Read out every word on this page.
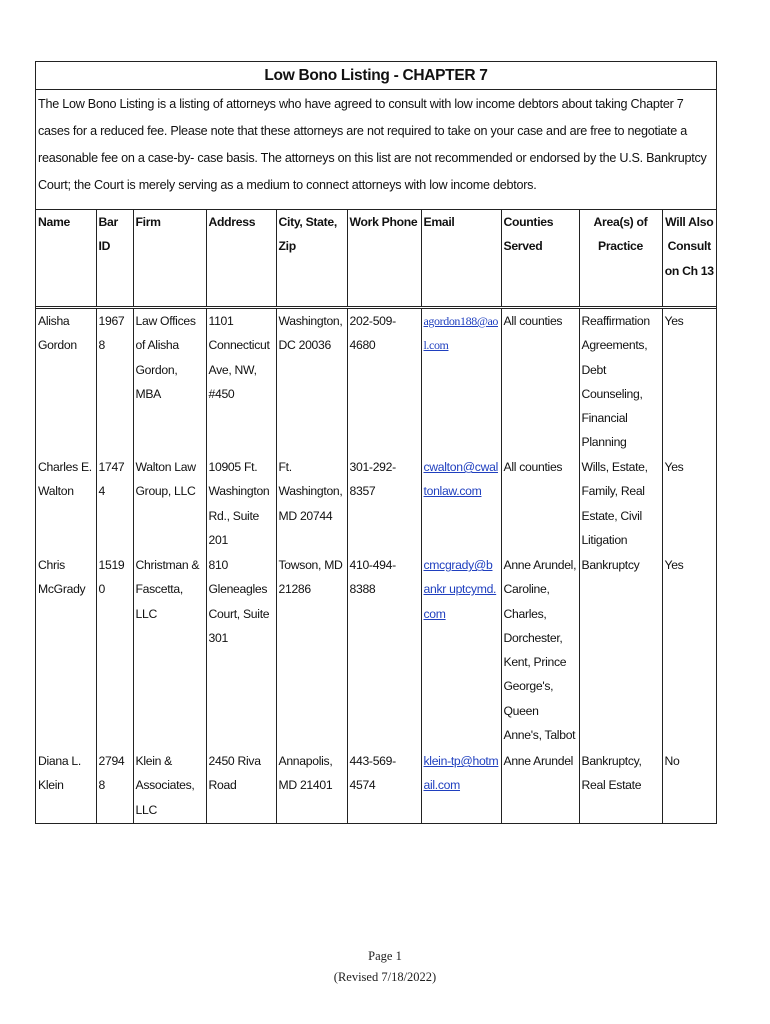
Low Bono Listing - CHAPTER 7
The Low Bono Listing is a listing of attorneys who have agreed to consult with low income debtors about taking Chapter 7 cases for a reduced fee. Please note that these attorneys are not required to take on your case and are free to negotiate a reasonable fee on a case-by- case basis. The attorneys on this list are not recommended or endorsed by the U.S. Bankruptcy Court; the Court is merely serving as a medium to connect attorneys with low income debtors.
Name	Bar ID	Firm	Address	City, State, Zip	Work Phone	Email	Counties Served	Area(s) of Practice	Will Also Consult on Ch 13
Alisha Gordon	19678	Law Offices of Alisha Gordon, MBA	1101 Connecticut Ave, NW, #450	Washington, DC 20036	202-509-4680	agordon188@aol.com	All counties	Reaffirmation Agreements, Debt Counseling, Financial Planning	Yes
Charles E. Walton	17474	Walton Law Group, LLC	10905 Ft. Washington Rd., Suite 201	Ft. Washington, MD 20744	301-292-8357	cwalton@cwaltonlaw.com	All counties	Wills, Estate, Family, Real Estate, Civil Litigation	Yes
Chris McGrady	15190	Christman & Fascetta, LLC	810 Gleneagles Court, Suite 301	Towson, MD 21286	410-494-8388	cmcgrady@bankr uptcymd.com	Anne Arundel, Caroline, Charles, Dorchester, Kent, Prince George's, Queen Anne's, Talbot	Bankruptcy	Yes
Diana L. Klein	27948	Klein & Associates, LLC	2450 Riva Road	Annapolis, MD 21401	443-569-4574	klein-tp@hotmail.com	Anne Arundel	Bankruptcy, Real Estate	No
Page 1
(Revised 7/18/2022)
